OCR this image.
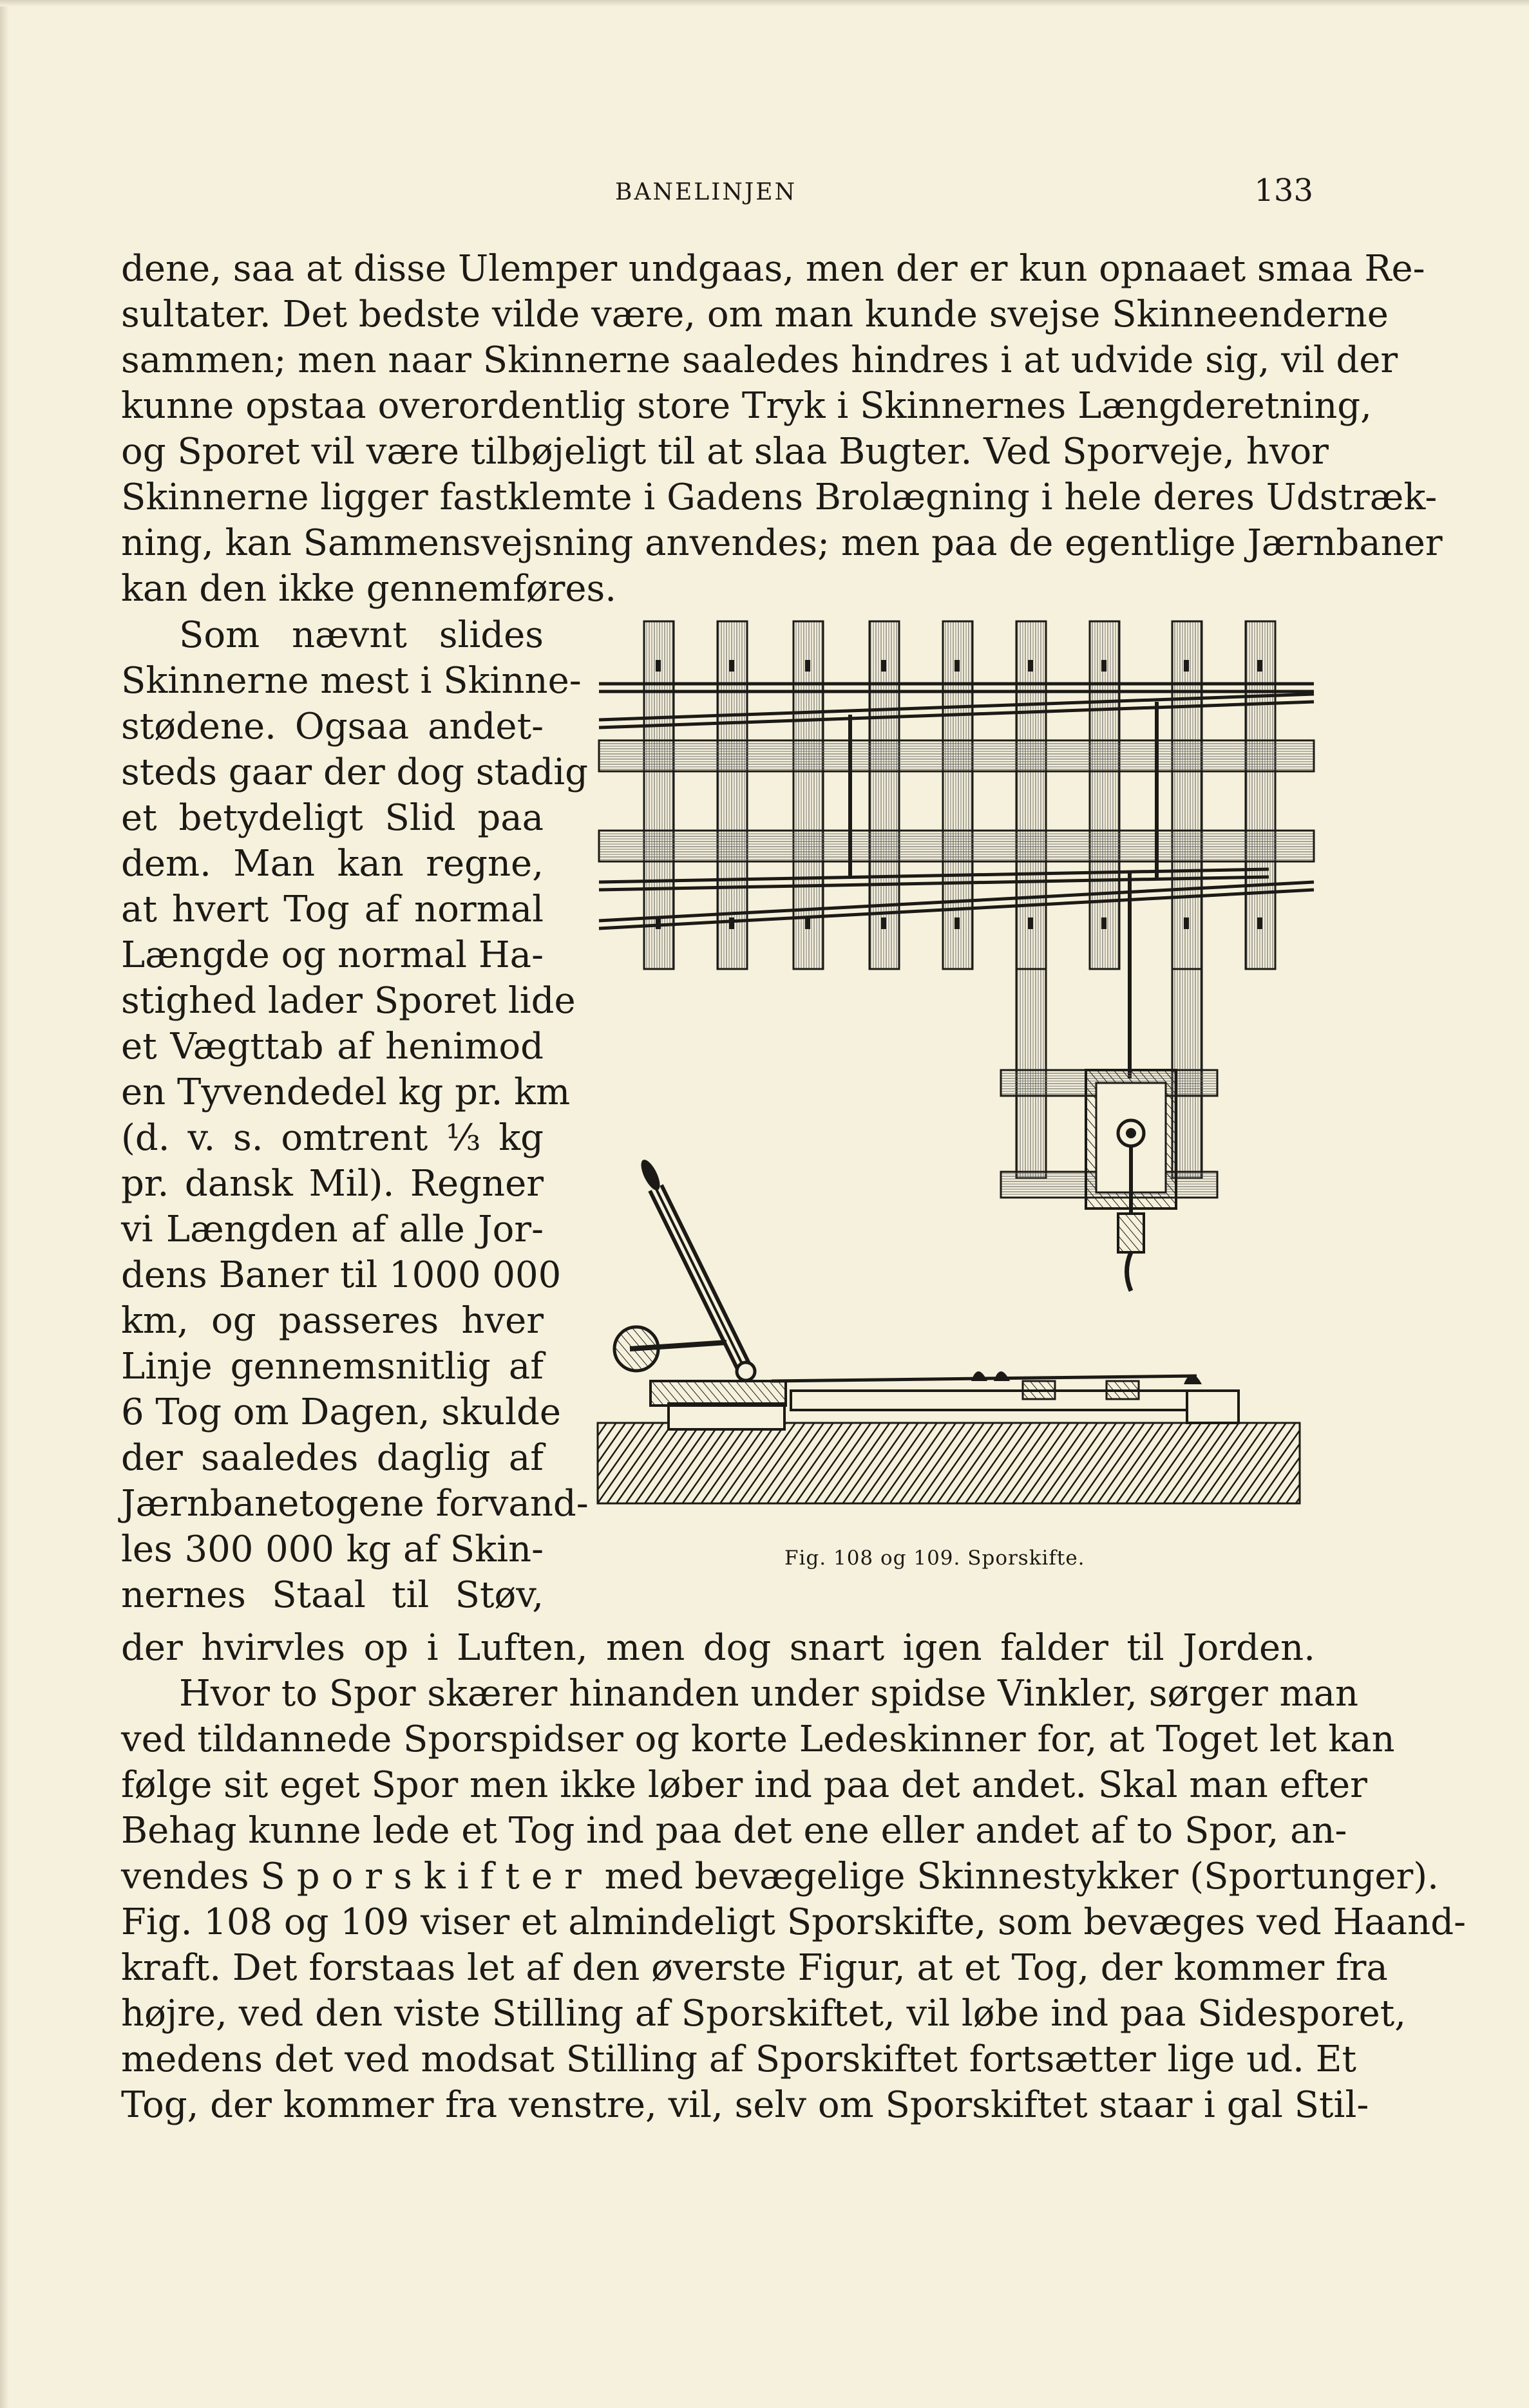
BANELINJEN	133
dene, saa at disse Ulemper undgaas, men der er kun opnaaet smaa Re-
sultater. Det bedste vilde være, om man kunde svejse Skinneenderne
sammen; men naar Skinnerne saaledes hindres i at udvide sig, vil der
kunne opstaa overordentlig store Tryk i Skinnernes Længderetning,
og Sporet vil være tilbøjeligt til at slaa Bugter. Ved Sporveje, hvor
Skinnerne ligger fastklemte i Gadens Brolægning i hele deres Udstræk-
ning, kan Sammensvejsning anvendes; men paa de egentlige Jærnbaner
kan den ikke gennemføres.
Som nævnt slides
Skinnerne mest i Skinne-
stødene. Ogsaa andet-
steds gaar der dog stadig
et betydeligt Slid paa
dem. Man kan regne,
at hvert Tog af normal
Længde og normal Ha-
stighed lader Sporet lide
et Vægttab af henimod
en Tyvendedel kg pr. km
(d. v. s. omtrent ⅓ kg
pr. dansk Mil). Regner
vi Længden af alle Jor-
dens Baner til 1000 000
km, og passeres hver
Linje gennemsnitlig af
6 Tog om Dagen, skulde
der saaledes daglig af
Jærnbanetogene forvand-
les 300 000 kg af Skin-
nernes Staal til Støv,
Fig. 108 og 109. Sporskifte.
der hvirvles op i Luften, men dog snart igen falder til Jorden.
Hvor to Spor skærer hinanden under spidse Vinkler, sørger man
ved tildannede Sporspidser og korte Ledeskinner for, at Toget let kan
følge sit eget Spor men ikke løber ind paa det andet. Skal man efter
Behag kunne lede et Tog ind paa det ene eller andet af to Spor, an-
vendes Sporskifter med bevægelige Skinnestykker (Sportunger).
Fig. 108 og 109 viser et almindeligt Sporskifte, som bevæges ved Haand-
kraft. Det forstaas let af den øverste Figur, at et Tog, der kommer fra
højre, ved den viste Stilling af Sporskiftet, vil løbe ind paa Sidesporet,
medens det ved modsat Stilling af Sporskiftet fortsætter lige ud. Et
Tog, der kommer fra venstre, vil, selv om Sporskiftet staar i gal Stil-
